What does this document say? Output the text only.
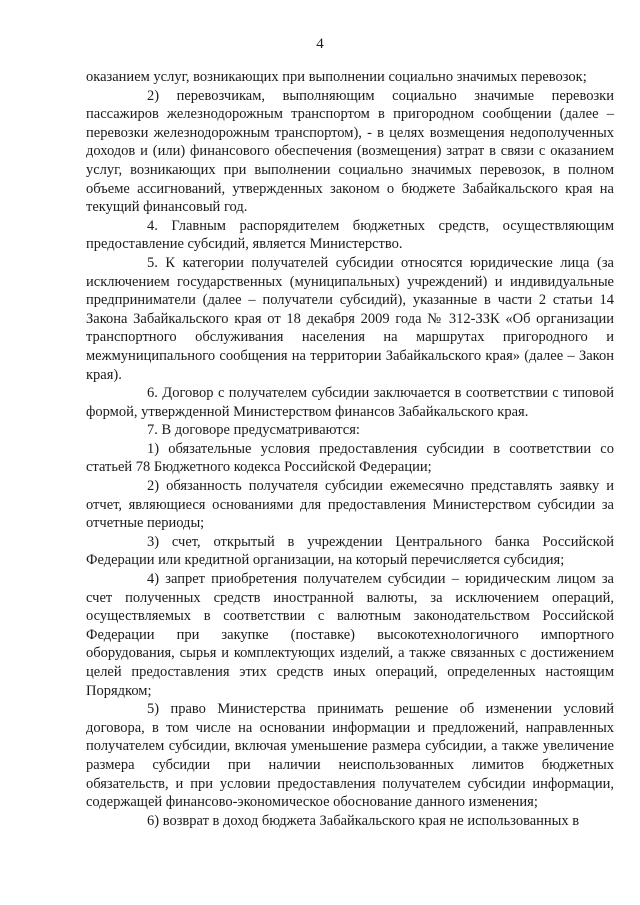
4

оказанием услуг, возникающих при выполнении социально значимых перевозок;

2) перевозчикам, выполняющим социально значимые перевозки пассажиров железнодорожным транспортом в пригородном сообщении (далее – перевозки железнодорожным транспортом), - в целях возмещения недополученных доходов и (или) финансового обеспечения (возмещения) затрат в связи с оказанием услуг, возникающих при выполнении социально значимых перевозок, в полном объеме ассигнований, утвержденных законом о бюджете Забайкальского края на текущий финансовый год.

4. Главным распорядителем бюджетных средств, осуществляющим предоставление субсидий, является Министерство.

5. К категории получателей субсидии относятся юридические лица (за исключением государственных (муниципальных) учреждений) и индивидуальные предприниматели (далее – получатели субсидий), указанные в части 2 статьи 14 Закона Забайкальского края от 18 декабря 2009 года № 312-ЗЗК «Об организации транспортного обслуживания населения на маршрутах пригородного и межмуниципального сообщения на территории Забайкальского края» (далее – Закон края).

6. Договор с получателем субсидии заключается в соответствии с типовой формой, утвержденной Министерством финансов Забайкальского края.

7. В договоре предусматриваются:

1) обязательные условия предоставления субсидии в соответствии со статьей 78 Бюджетного кодекса Российской Федерации;

2) обязанность получателя субсидии ежемесячно представлять заявку и отчет, являющиеся основаниями для предоставления Министерством субсидии за отчетные периоды;

3) счет, открытый в учреждении Центрального банка Российской Федерации или кредитной организации, на который перечисляется субсидия;

4) запрет приобретения получателем субсидии – юридическим лицом за счет полученных средств иностранной валюты, за исключением операций, осуществляемых в соответствии с валютным законодательством Российской Федерации при закупке (поставке) высокотехнологичного импортного оборудования, сырья и комплектующих изделий, а также связанных с достижением целей предоставления этих средств иных операций, определенных настоящим Порядком;

5) право Министерства принимать решение об изменении условий договора, в том числе на основании информации и предложений, направленных получателем субсидии, включая уменьшение размера субсидии, а также увеличение размера субсидии при наличии неиспользованных лимитов бюджетных обязательств, и при условии предоставления получателем субсидии информации, содержащей финансово-экономическое обоснование данного изменения;

6) возврат в доход бюджета Забайкальского края не использованных в
